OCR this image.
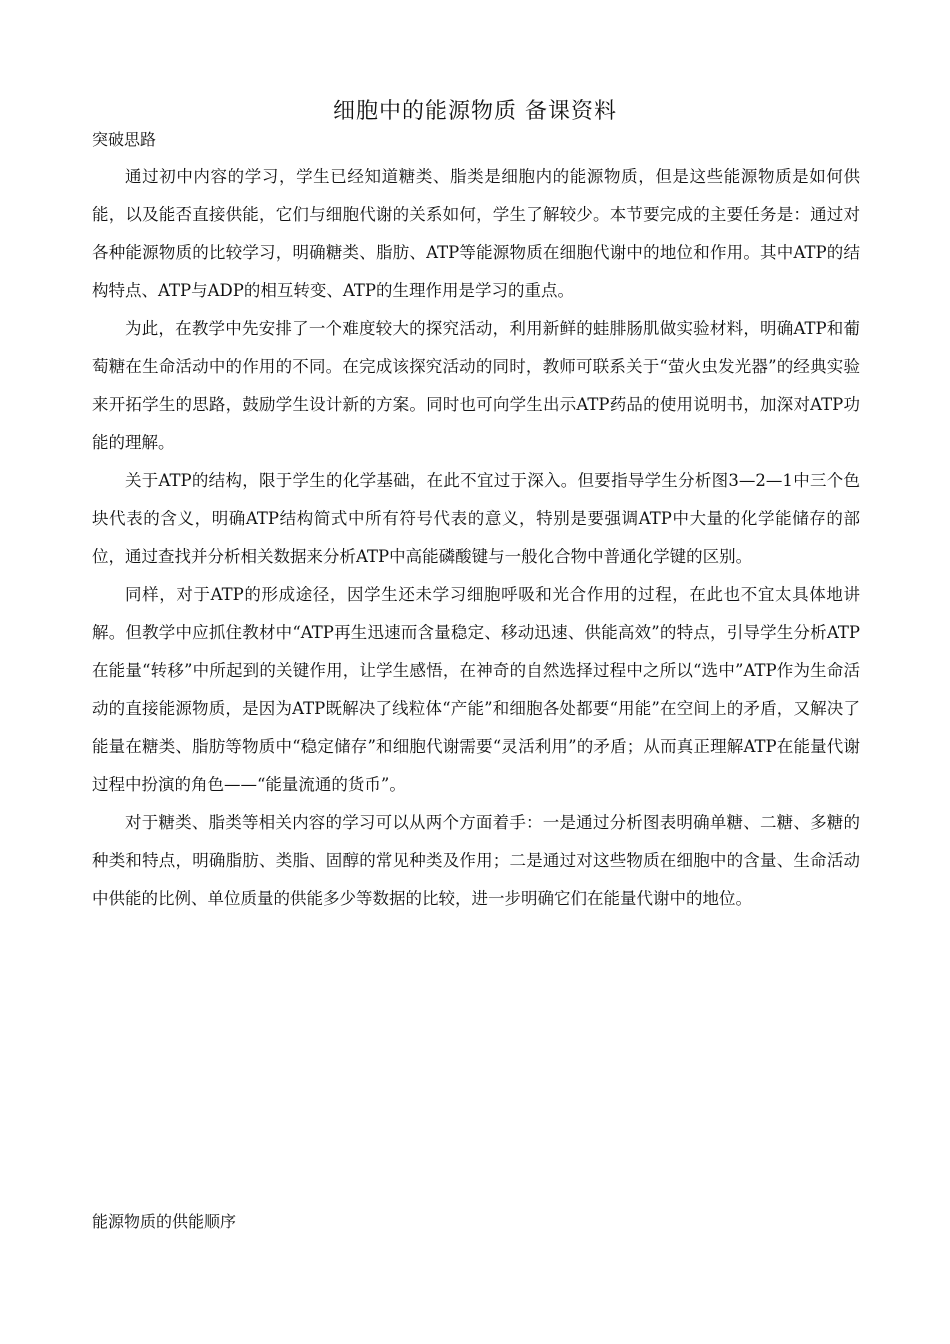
细胞中的能源物质 备课资料
突破思路

通过初中内容的学习，学生已经知道糖类、脂类是细胞内的能源物质，但是这些能源物质是如何供能，以及能否直接供能，它们与细胞代谢的关系如何，学生了解较少。本节要完成的主要任务是：通过对各种能源物质的比较学习，明确糖类、脂肪、ATP等能源物质在细胞代谢中的地位和作用。其中ATP的结构特点、ATP与ADP的相互转变、ATP的生理作用是学习的重点。

为此，在教学中先安排了一个难度较大的探究活动，利用新鲜的蛙腓肠肌做实验材料，明确ATP和葡萄糖在生命活动中的作用的不同。在完成该探究活动的同时，教师可联系关于“萤火虫发光器”的经典实验来开拓学生的思路，鼓励学生设计新的方案。同时也可向学生出示ATP药品的使用说明书，加深对ATP功能的理解。

关于ATP的结构，限于学生的化学基础，在此不宜过于深入。但要指导学生分析图3—2—1中三个色块代表的含义，明确ATP结构简式中所有符号代表的意义，特别是要强调ATP中大量的化学能储存的部位，通过查找并分析相关数据来分析ATP中高能磷酸键与一般化合物中普通化学键的区别。

同样，对于ATP的形成途径，因学生还未学习细胞呼吸和光合作用的过程，在此也不宜太具体地讲解。但教学中应抓住教材中“ATP再生迅速而含量稳定、移动迅速、供能高效”的特点，引导学生分析ATP在能量“转移”中所起到的关键作用，让学生感悟，在神奇的自然选择过程中之所以“选中”ATP作为生命活动的直接能源物质，是因为ATP既解决了线粒体“产能”和细胞各处都要“用能”在空间上的矛盾，又解决了能量在糖类、脂肪等物质中“稳定储存”和细胞代谢需要“灵活利用”的矛盾；从而真正理解ATP在能量代谢过程中扮演的角色——“能量流通的货币”。

对于糖类、脂类等相关内容的学习可以从两个方面着手：一是通过分析图表明确单糖、二糖、多糖的种类和特点，明确脂肪、类脂、固醇的常见种类及作用；二是通过对这些物质在细胞中的含量、生命活动中供能的比例、单位质量的供能多少等数据的比较，进一步明确它们在能量代谢中的地位。

能源物质的供能顺序
